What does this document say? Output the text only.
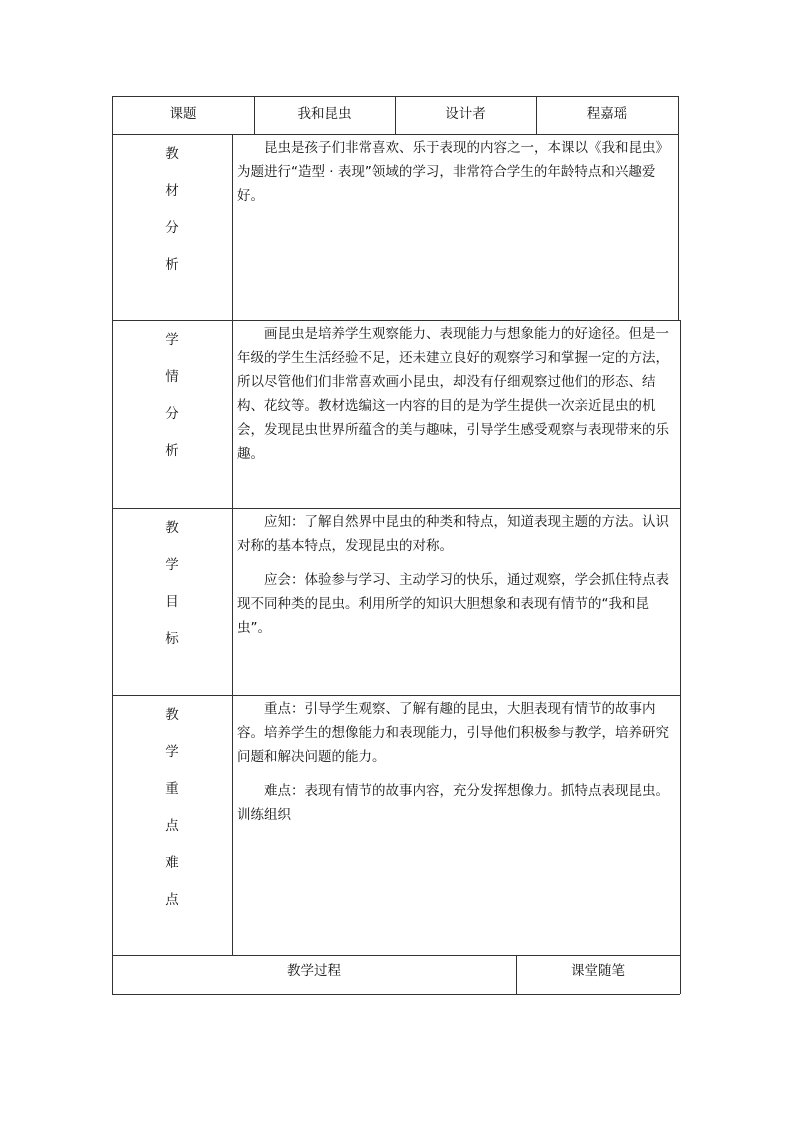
课题	我和昆虫	设计者	程嘉瑶
教
材
分
析

昆虫是孩子们非常喜欢、乐于表现的内容之一，本课以《我和昆虫》为题进行“造型 · 表现”领域的学习，非常符合学生的年龄特点和兴趣爱好。

学
情
分
析

画昆虫是培养学生观察能力、表现能力与想象能力的好途径。但是一年级的学生生活经验不足，还未建立良好的观察学习和掌握一定的方法，所以尽管他们们非常喜欢画小昆虫，却没有仔细观察过他们的形态、结构、花纹等。教材选编这一内容的目的是为学生提供一次亲近昆虫的机会，发现昆虫世界所蕴含的美与趣味，引导学生感受观察与表现带来的乐趣。

教
学
目
标

应知：了解自然界中昆虫的种类和特点，知道表现主题的方法。认识对称的基本特点，发现昆虫的对称。

应会：体验参与学习、主动学习的快乐，通过观察，学会抓住特点表现不同种类的昆虫。利用所学的知识大胆想象和表现有情节的“我和昆虫”。

教
学
重
点
难
点

重点：引导学生观察、了解有趣的昆虫，大胆表现有情节的故事内容。培养学生的想像能力和表现能力，引导他们积极参与教学，培养研究问题和解决问题的能力。

难点：表现有情节的故事内容，充分发挥想像力。抓特点表现昆虫。训练组织

教学过程	课堂随笔
